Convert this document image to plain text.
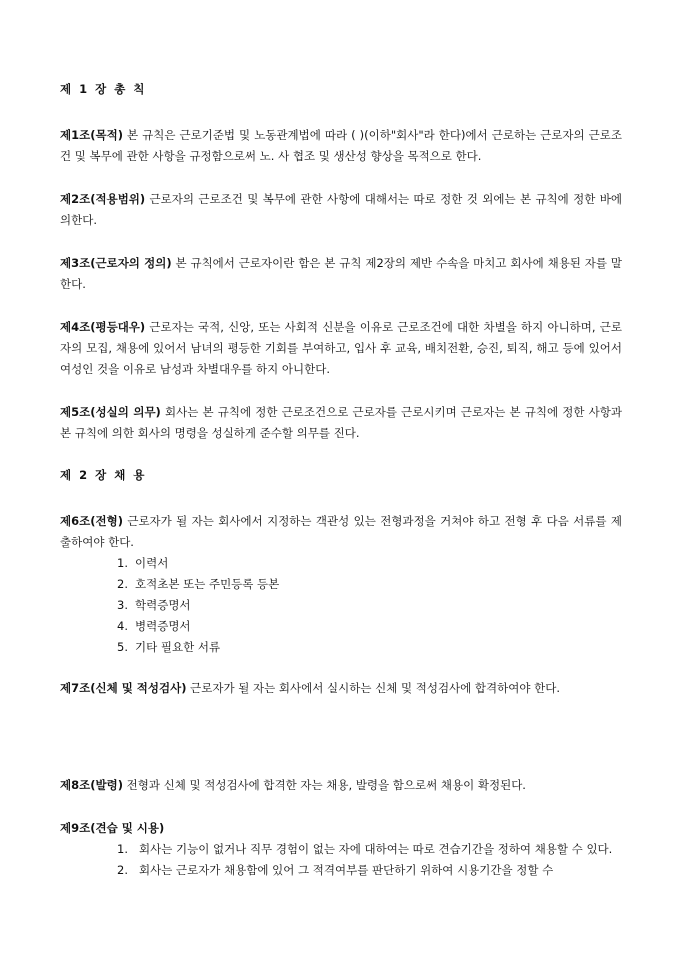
제 1 장 총 칙
제1조(목적) 본 규칙은 근로기준법 및 노동관계법에 따라 ( )(이하"회사"라 한다)에서 근로하는 근로자의 근로조건 및 복무에 관한 사항을 규정함으로써 노. 사 협조 및 생산성 향상을 목적으로 한다.
제2조(적용범위) 근로자의 근로조건 및 복무에 관한 사항에 대해서는 따로 정한 것 외에는 본 규칙에 정한 바에 의한다.
제3조(근로자의 정의) 본 규칙에서 근로자이란 함은 본 규칙 제2장의 제반 수속을 마치고 회사에 채용된 자를 말한다.
제4조(평등대우) 근로자는 국적, 신앙, 또는 사회적 신분을 이유로 근로조건에 대한 차별을 하지 아니하며, 근로자의 모집, 채용에 있어서 남녀의 평등한 기회를 부여하고, 입사 후 교육, 배치전환, 승진, 퇴직, 해고 등에 있어서 여성인 것을 이유로 남성과 차별대우를 하지 아니한다.
제5조(성실의 의무) 회사는 본 규칙에 정한 근로조건으로 근로자를 근로시키며 근로자는 본 규칙에 정한 사항과 본 규칙에 의한 회사의 명령을 성실하게 준수할 의무를 진다.
제 2 장 채 용
제6조(전형) 근로자가 될 자는 회사에서 지정하는 객관성 있는 전형과정을 거쳐야 하고 전형 후 다음 서류를 제출하여야 한다.
1. 이력서
2. 호적초본 또는 주민등록 등본
3. 학력증명서
4. 병력증명서
5. 기타 필요한 서류
제7조(신체 및 적성검사) 근로자가 될 자는 회사에서 실시하는 신체 및 적성검사에 합격하여야 한다.
제8조(발령) 전형과 신체 및 적성검사에 합격한 자는 채용, 발령을 함으로써 채용이 확정된다.
제9조(견습 및 시용)
1. 회사는 기능이 없거나 직무 경험이 없는 자에 대하여는 따로 견습기간을 정하여 채용할 수 있다.
2. 회사는 근로자가 채용함에 있어 그 적격여부를 판단하기 위하여 시용기간을 정할 수
